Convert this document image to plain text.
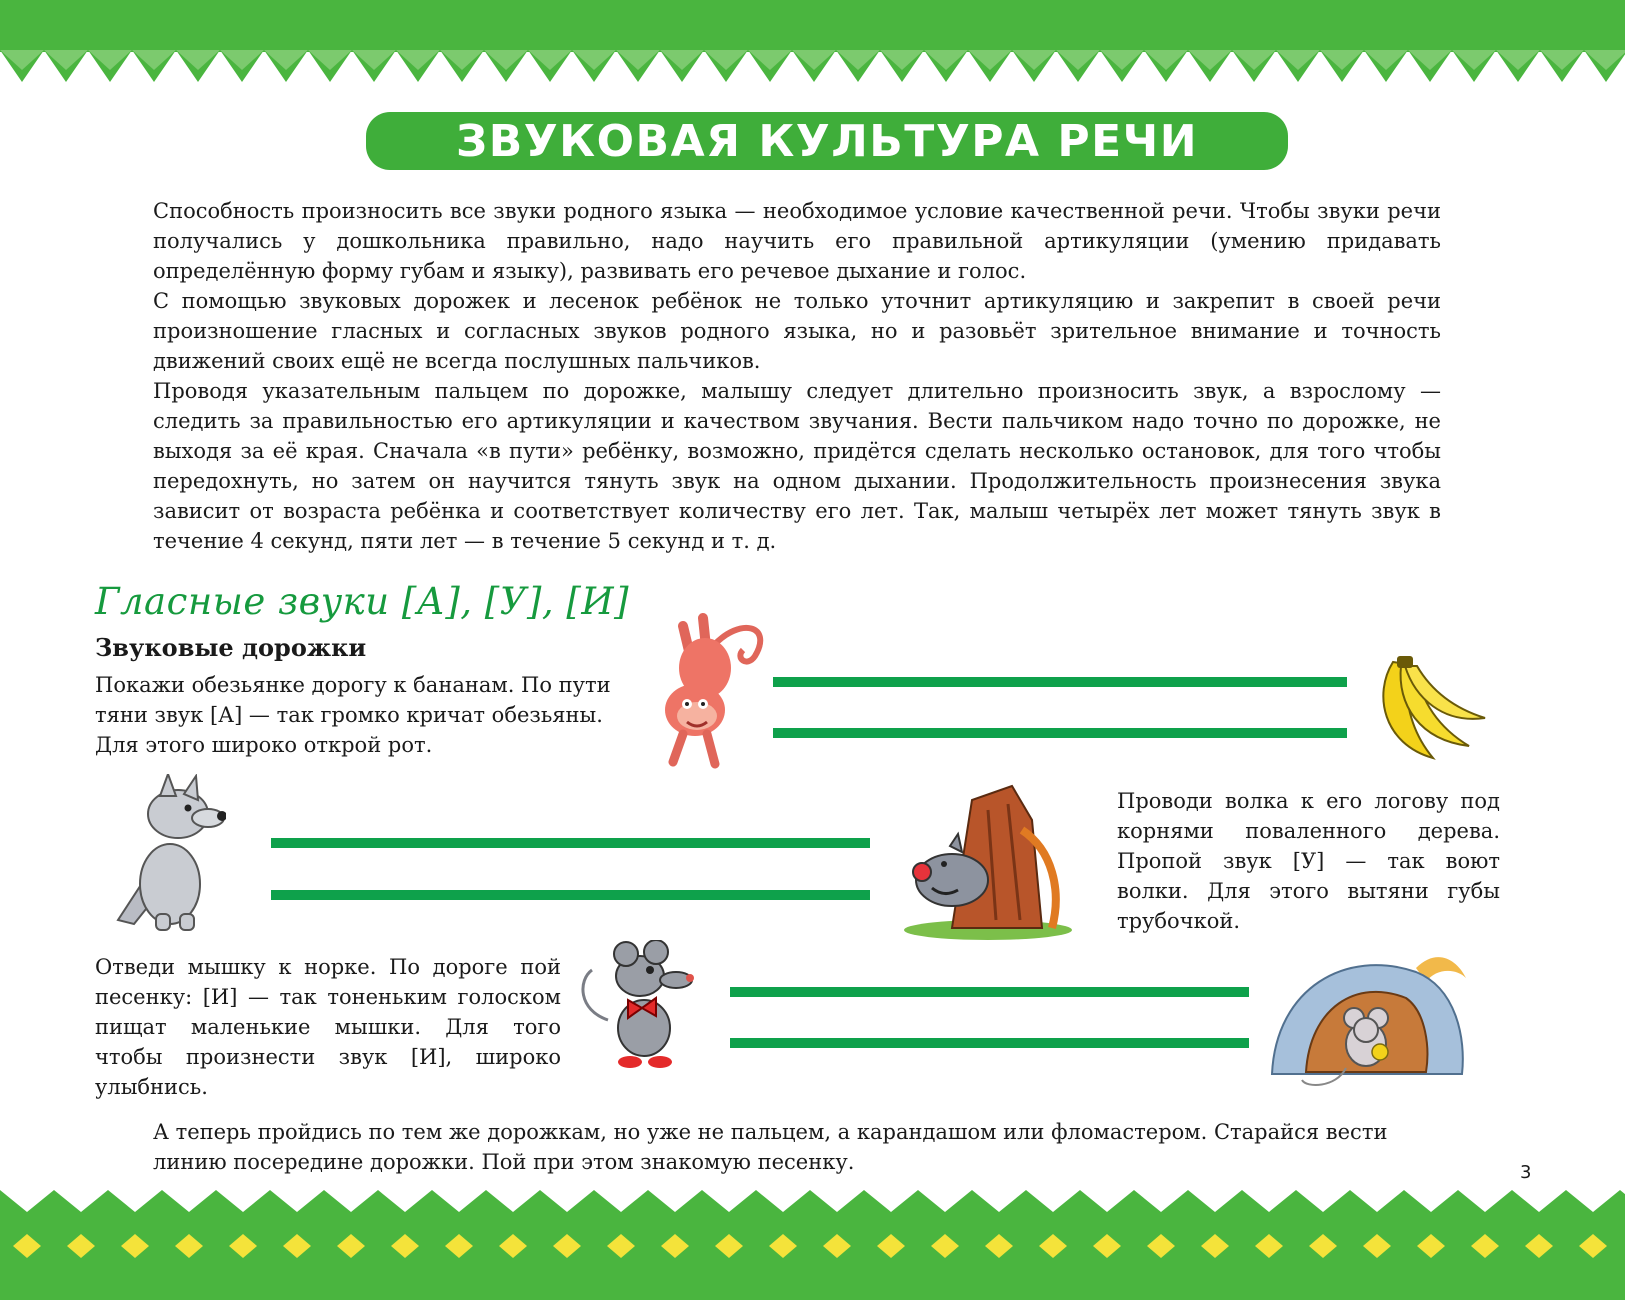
ЗВУКОВАЯ КУЛЬТУРА РЕЧИ

Способность произносить все звуки родного языка — необходимое условие качественной речи. Чтобы звуки речи получались у дошкольника правильно, надо научить его правильной артикуляции (умению придавать определённую форму губам и языку), развивать его речевое дыхание и голос.

С помощью звуковых дорожек и лесенок ребёнок не только уточнит артикуляцию и закрепит в своей речи произношение гласных и согласных звуков родного языка, но и разовьёт зрительное внимание и точность движений своих ещё не всегда послушных пальчиков.

Проводя указательным пальцем по дорожке, малышу следует длительно произносить звук, а взрослому — следить за правильностью его артикуляции и качеством звучания. Вести пальчиком надо точно по дорожке, не выходя за её края. Сначала «в пути» ребёнку, возможно, придётся сделать несколько остановок, для того чтобы передохнуть, но затем он научится тянуть звук на одном дыхании. Продолжительность произнесения звука зависит от возраста ребёнка и соответствует количеству его лет. Так, малыш четырёх лет может тянуть звук в течение 4 секунд, пяти лет — в течение 5 секунд и т. д.

Гласные звуки [А], [У], [И]
Звуковые дорожки

Покажи обезьянке дорогу к бананам. По пути тяни звук [А] — так громко кричат обезьяны. Для этого широко открой рот.

Проводи волка к его логову под корнями поваленного дерева. Пропой звук [У] — так воют волки. Для этого вытяни губы трубочкой.

Отведи мышку к норке. По дороге пой песенку: [И] — так тоненьким голоском пищат маленькие мышки. Для того чтобы произнести звук [И], широко улыбнись.

А теперь пройдись по тем же дорожкам, но уже не пальцем, а карандашом или фломастером. Старайся вести линию посередине дорожки. Пой при этом знакомую песенку.	3
